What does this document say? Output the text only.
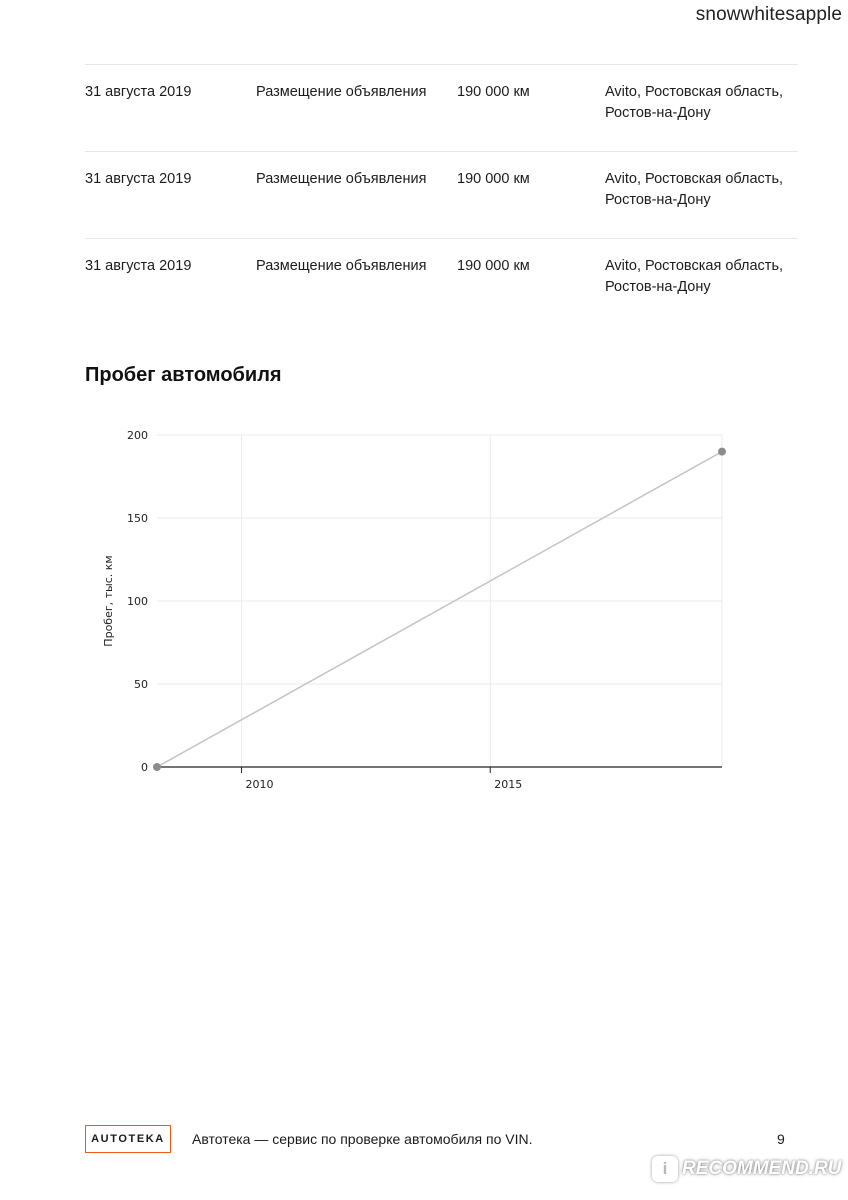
snowwhitesapple
31 августа 2019	Размещение объявления 190 000 км	Avito, Ростовская область,
Ростов-на-Дону
31 августа 2019	Размещение объявления 190 000 км	Avito, Ростовская область,
Ростов-на-Дону
31 августа 2019	Размещение объявления 190 000 км	Avito, Ростовская область,
Ростов-на-Дону
Пробег автомобиля
0
50
100
150
200
2010	2015
Пробег, тыс. км
AUTOTEKA	Автотека — сервис по проверке автомобиля по VIN.	9
i RECOMMEND.RU
